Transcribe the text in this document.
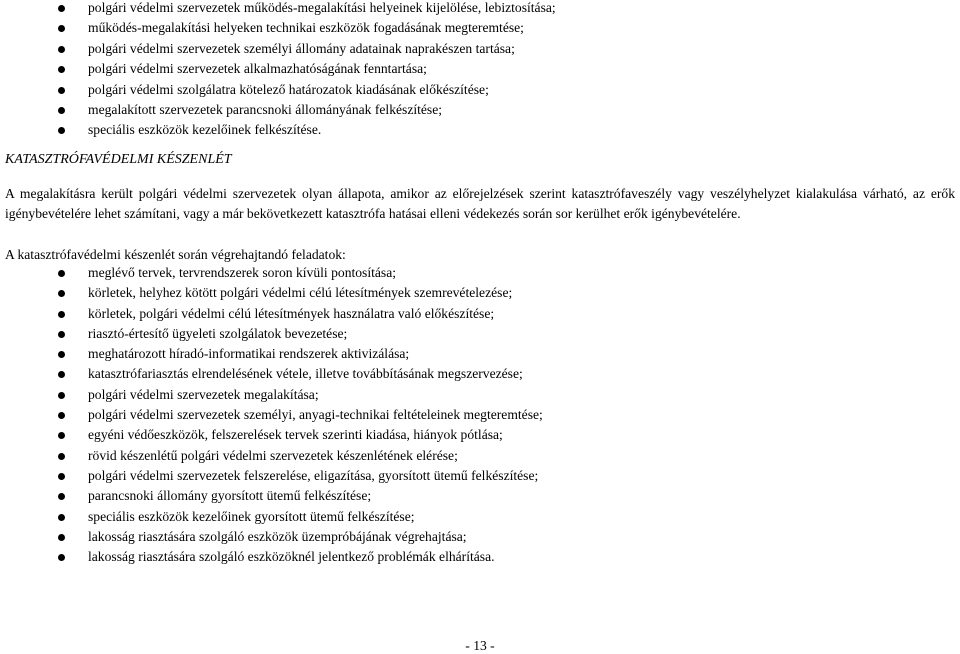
polgári védelmi szervezetek működés-megalakítási helyeinek kijelölése, lebiztosítása;
működés-megalakítási helyeken technikai eszközök fogadásának megteremtése;
polgári védelmi szervezetek személyi állomány adatainak naprakészen tartása;
polgári védelmi szervezetek alkalmazhatóságának fenntartása;
polgári védelmi szolgálatra kötelező határozatok kiadásának előkészítése;
megalakított szervezetek parancsnoki állományának felkészítése;
speciális eszközök kezelőinek felkészítése.
KATASZTRÓFAVÉDELMI KÉSZENLÉT

A megalakításra került polgári védelmi szervezetek olyan állapota, amikor az előrejelzések szerint katasztrófaveszély vagy veszélyhelyzet kialakulása várható, az erők igénybevételére lehet számítani, vagy a már bekövetkezett katasztrófa hatásai elleni védekezés során sor kerülhet erők igénybevételére.

A katasztrófavédelmi készenlét során végrehajtandó feladatok:
meglévő tervek, tervrendszerek soron kívüli pontosítása;
körletek, helyhez kötött polgári védelmi célú létesítmények szemrevételezése;
körletek, polgári védelmi célú létesítmények használatra való előkészítése;
riasztó-értesítő ügyeleti szolgálatok bevezetése;
meghatározott híradó-informatikai rendszerek aktivizálása;
katasztrófariasztás elrendelésének vétele, illetve továbbításának megszervezése;
polgári védelmi szervezetek megalakítása;
polgári védelmi szervezetek személyi, anyagi-technikai feltételeinek megteremtése;
egyéni védőeszközök, felszerelések tervek szerinti kiadása, hiányok pótlása;
rövid készenlétű polgári védelmi szervezetek készenlétének elérése;
polgári védelmi szervezetek felszerelése, eligazítása, gyorsított ütemű felkészítése;
parancsnoki állomány gyorsított ütemű felkészítése;
speciális eszközök kezelőinek gyorsított ütemű felkészítése;
lakosság riasztására szolgáló eszközök üzempróbájának végrehajtása;
lakosság riasztására szolgáló eszközöknél jelentkező problémák elhárítása.
- 13 -
